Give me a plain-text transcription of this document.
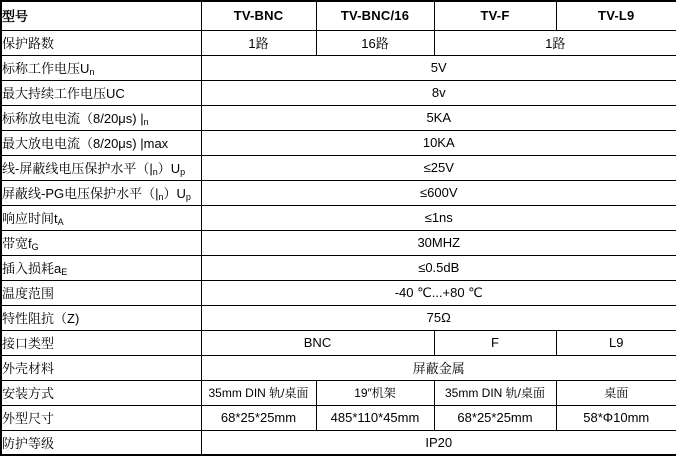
型号	TV-BNC	TV-BNC/16	TV-F	TV-L9
保护路数	1路	16路	1路	
标称工作电压$U_n$	5V			
最大持续工作电压UC	8v			
标称放电电流（8/20μs) $|_n$	5KA			
最大放电电流（8/20μs) |max	10KA			
线-屏蔽线电压保护水平$(|_n)U_p$	≤25V			
屏蔽线-PG电压保护水平$(|_n)U_p$	≤600V			
响应时间$t_A$	≤1ns			
带宽$f_G$	30MHZ			
插入损耗$a_E$	≤0.5dB			
温度范围	-40 ℃...+80 ℃			
特性阻抗（Z)	75Ω			
接口类型	BNC		F	L9
外壳材料	屏蔽金属			
安装方式	35mm DIN 轨/桌面	19″机架	35mm DIN 轨/桌面	桌面
外型尺寸	68*25*25mm	485*110*45mm	68*25*25mm	58*Φ10mm
防护等级	IP20			
